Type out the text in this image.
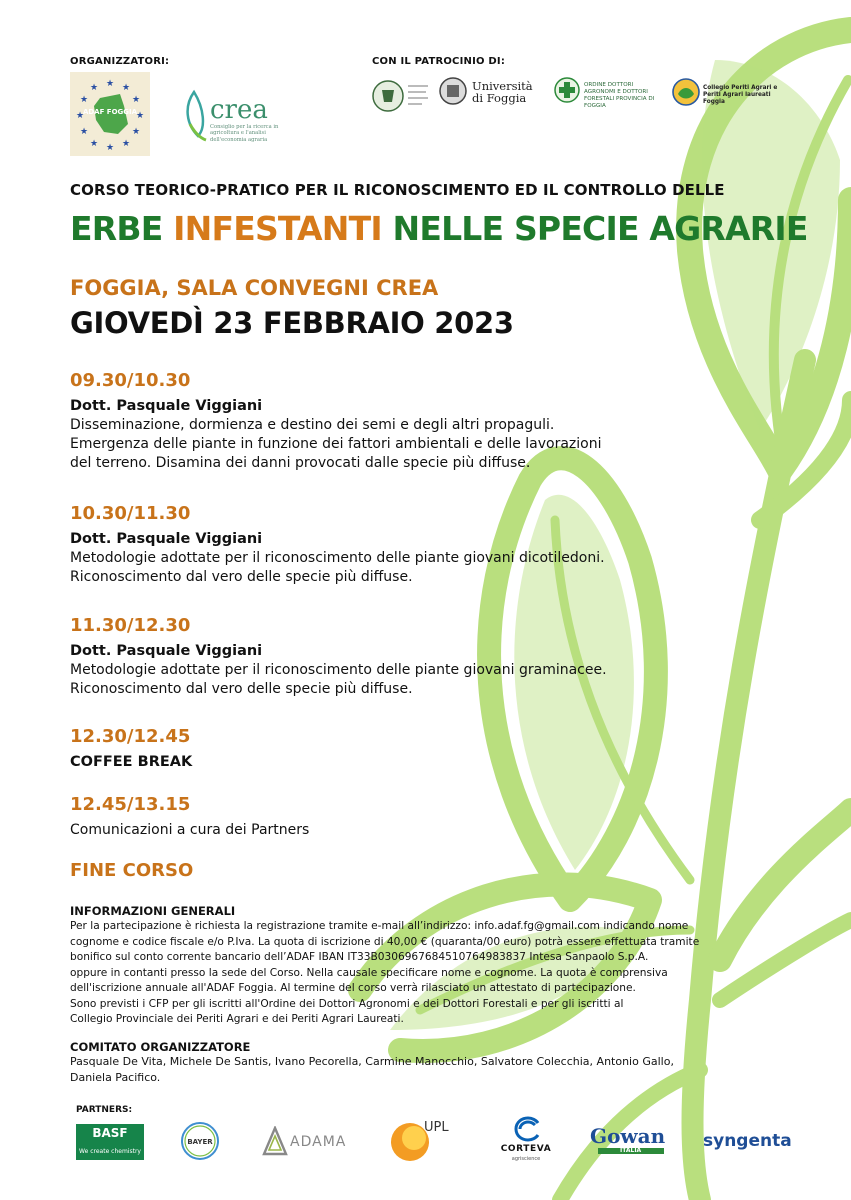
ORGANIZZATORI:	CON IL PATROCINIO DI:
★ ★
★
★
★
★
★
★
★
★
★
★
ADAF FOGGIA	crea
Consiglio per la ricerca in agricoltura e l'analisi dell'economia agraria
Università di Foggia
ORDINE DOTTORI AGRONOMI E DOTTORI FORESTALI PROVINCIA DI FOGGIA
Collegio Periti Agrari e Periti Agrari laureati Foggia
CORSO TEORICO-PRATICO PER IL RICONOSCIMENTO ED IL CONTROLLO DELLE
ERBE INFESTANTI NELLE SPECIE AGRARIE
FOGGIA, SALA CONVEGNI CREA
GIOVEDÌ 23 FEBBRAIO 2023
09.30/10.30
Dott. Pasquale Viggiani
Disseminazione, dormienza e destino dei semi e degli altri propaguli.
Emergenza delle piante in funzione dei fattori ambientali e delle lavorazioni
del terreno. Disamina dei danni provocati dalle specie più diffuse.
10.30/11.30
Dott. Pasquale Viggiani
Metodologie adottate per il riconoscimento delle piante giovani dicotiledoni.
Riconoscimento dal vero delle specie più diffuse.
11.30/12.30
Dott. Pasquale Viggiani
Metodologie adottate per il riconoscimento delle piante giovani graminacee.
Riconoscimento dal vero delle specie più diffuse.
12.30/12.45
COFFEE BREAK
12.45/13.15
Comunicazioni a cura dei Partners
FINE CORSO
INFORMAZIONI GENERALI

Per la partecipazione è richiesta la registrazione tramite e-mail all’indirizzo: info.adaf.fg@gmail.com indicando nome

cognome e codice fiscale e/o P.Iva. La quota di iscrizione di 40,00 € (quaranta/00 euro) potrà essere effettuata tramite

bonifico sul conto corrente bancario dell’ADAF IBAN IT33B0306967684510764983837 Intesa Sanpaolo S.p.A.

oppure in contanti presso la sede del Corso. Nella causale specificare nome e cognome. La quota è comprensiva

dell'iscrizione annuale all'ADAF Foggia. Al termine del corso verrà rilasciato un attestato di partecipazione.

Sono previsti i CFP per gli iscritti all'Ordine dei Dottori Agronomi e dei Dottori Forestali e per gli iscritti al

Collegio Provinciale dei Periti Agrari e dei Periti Agrari Laureati.

COMITATO ORGANIZZATORE
Pasquale De Vita, Michele De Santis, Ivano Pecorella, Carmine Manocchio, Salvatore Colecchia, Antonio Gallo,
Daniela Pacifico.
PARTNERS:
BASF
We create chemistry
BAYER	ADAMA
UPL
CORTEVA
agriscience
Gowan
ITALIA	syngenta
